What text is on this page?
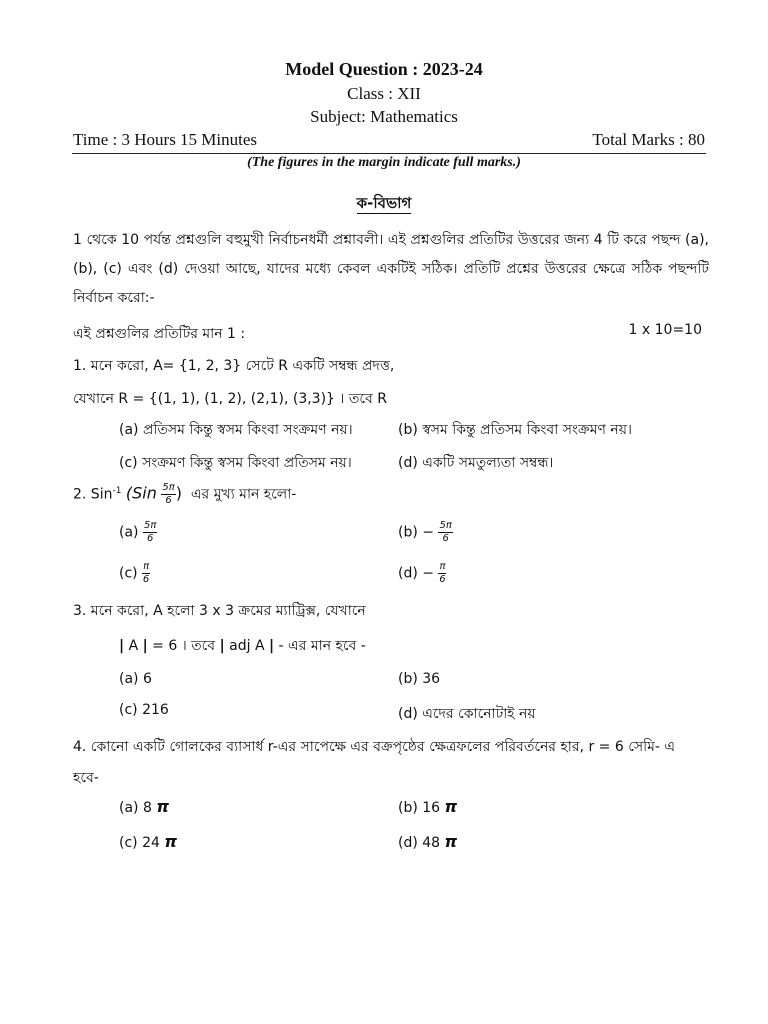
Model Question : 2023-24
Class : XII
Subject: Mathematics
Time : 3 Hours 15 Minutes	Total Marks : 80
(The figures in the margin indicate full marks.)
ক-বিভাগ
1 থেকে 10 পর্যন্ত প্রশ্নগুলি বহুমুখী নির্বাচনধর্মী প্রশ্নাবলী। এই প্রশ্নগুলির প্রতিটির উত্তরের জন্য 4 টি করে পছন্দ (a), (b), (c) এবং (d) দেওয়া আছে, যাদের মধ্যে কেবল একটিই সঠিক। প্রতিটি প্রশ্নের উত্তরের ক্ষেত্রে সঠিক পছন্দটি নির্বাচন করো:-
এই প্রশ্নগুলির প্রতিটির মান 1 :	1 x 10=10
1. মনে করো, A= {1, 2, 3} সেটে R একটি সম্বন্ধ প্রদত্ত,
যেখানে R = {(1, 1), (1, 2), (2,1), (3,3)} । তবে R
(a) প্রতিসম কিন্তু স্বসম কিংবা সংক্রমণ নয়।	(b) স্বসম কিন্তু প্রতিসম কিংবা সংক্রমণ নয়।
(c) সংক্রমণ কিন্তু স্বসম কিংবা প্রতিসম নয়।	(d) একটি সমতুল্যতা সম্বন্ধ।
2. Sin$^{-1}$ ($Sin \frac{5\pi}{6}$ ) এর মুখ্য মান হলো-
$(a) \frac{5\pi}{6}$	$(b) - \frac{5\pi}{6}$
$(c) \frac{\pi}{6}$	$(d) - \frac{\pi}{6}$
3. মনে করো, A হলো 3 x 3 ক্রমের ম্যাট্রিক্স, যেখানে
| A | = 6 । তবে | adj A | - এর মান হবে -
(a) 6	(b) 36
(c) 216	(d) এদের কোনোটাই নয়
4. কোনো একটি গোলকের ব্যাসার্ধ r-এর সাপেক্ষে এর বক্রপৃষ্ঠের ক্ষেত্রফলের পরিবর্তনের হার, r = 6 সেমি- এ
হবে-
(a) 8 π	(b) 16 π
(c) 24 π	(d) 48 π
